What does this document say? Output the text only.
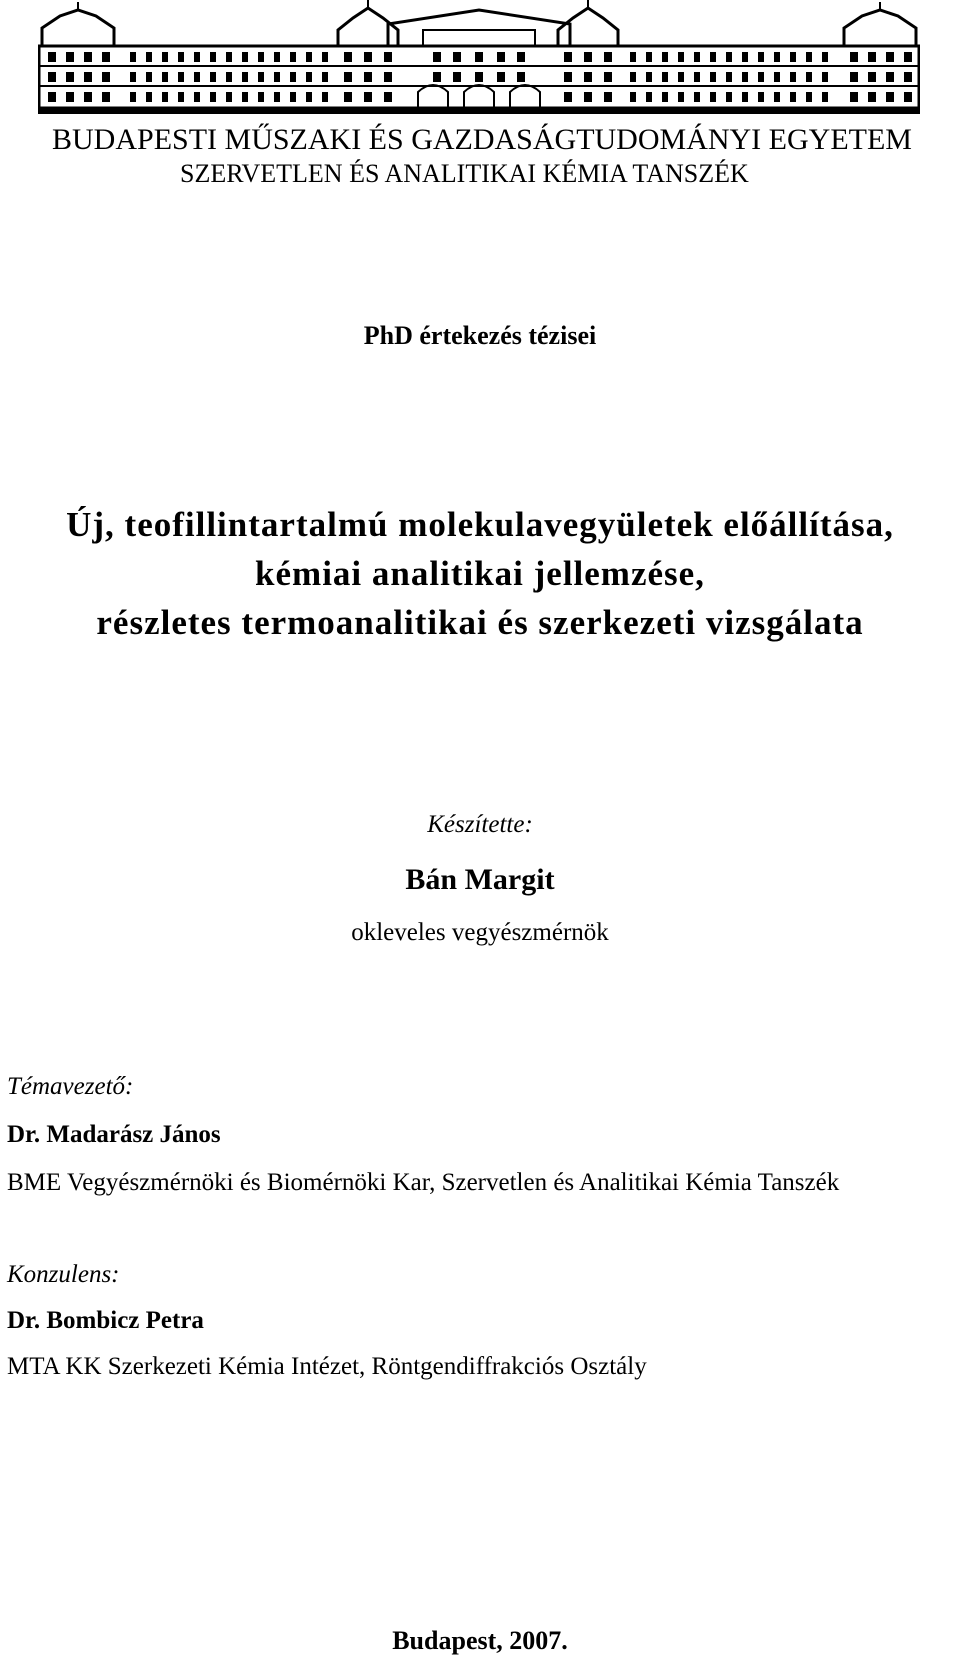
BUDAPESTI MŰSZAKI ÉS GAZDASÁGTUDOMÁNYI EGYETEM
SZERVETLEN ÉS ANALITIKAI KÉMIA TANSZÉK
PhD értekezés tézisei
Új, teofillintartalmú molekulavegyületek előállítása,
kémiai analitikai jellemzése,
részletes termoanalitikai és szerkezeti vizsgálata
Készítette:
Bán Margit
okleveles vegyészmérnök
Témavezető:
Dr. Madarász János
BME Vegyészmérnöki és Biomérnöki Kar, Szervetlen és Analitikai Kémia Tanszék
Konzulens:
Dr. Bombicz Petra
MTA KK Szerkezeti Kémia Intézet, Röntgendiffrakciós Osztály
Budapest, 2007.
